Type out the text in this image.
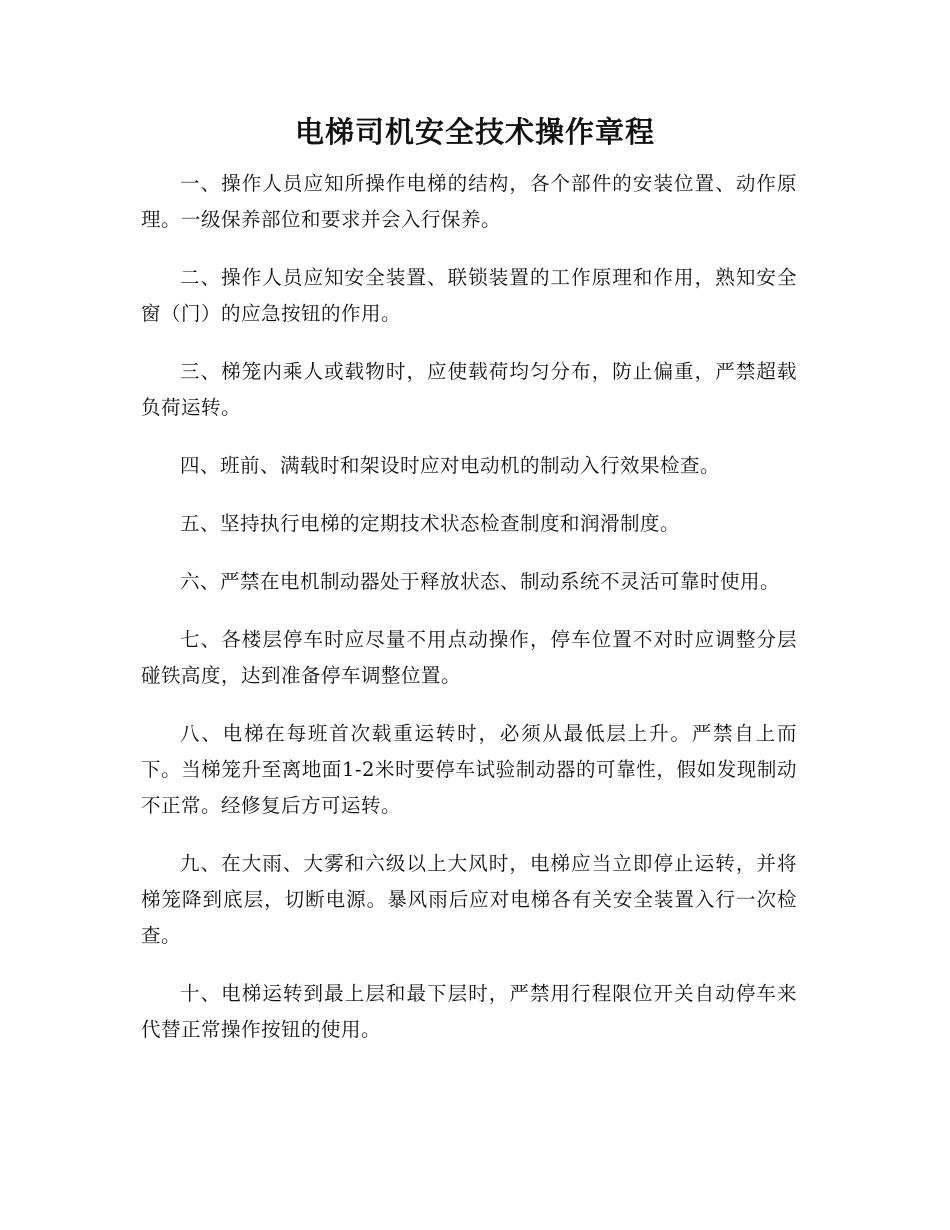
电梯司机安全技术操作章程

一、操作人员应知所操作电梯的结构，各个部件的安装位置、动作原理。一级保养部位和要求并会入行保养。

二、操作人员应知安全装置、联锁装置的工作原理和作用，熟知安全窗（门）的应急按钮的作用。

三、梯笼内乘人或载物时，应使载荷均匀分布，防止偏重，严禁超载负荷运转。

四、班前、满载时和架设时应对电动机的制动入行效果检查。

五、坚持执行电梯的定期技术状态检查制度和润滑制度。

六、严禁在电机制动器处于释放状态、制动系统不灵活可靠时使用。

七、各楼层停车时应尽量不用点动操作，停车位置不对时应调整分层碰铁高度，达到准备停车调整位置。

八、电梯在每班首次载重运转时，必须从最低层上升。严禁自上而下。当梯笼升至离地面1-2米时要停车试验制动器的可靠性，假如发现制动不正常。经修复后方可运转。

九、在大雨、大雾和六级以上大风时，电梯应当立即停止运转，并将梯笼降到底层，切断电源。暴风雨后应对电梯各有关安全装置入行一次检查。

十、电梯运转到最上层和最下层时，严禁用行程限位开关自动停车来代替正常操作按钮的使用。
